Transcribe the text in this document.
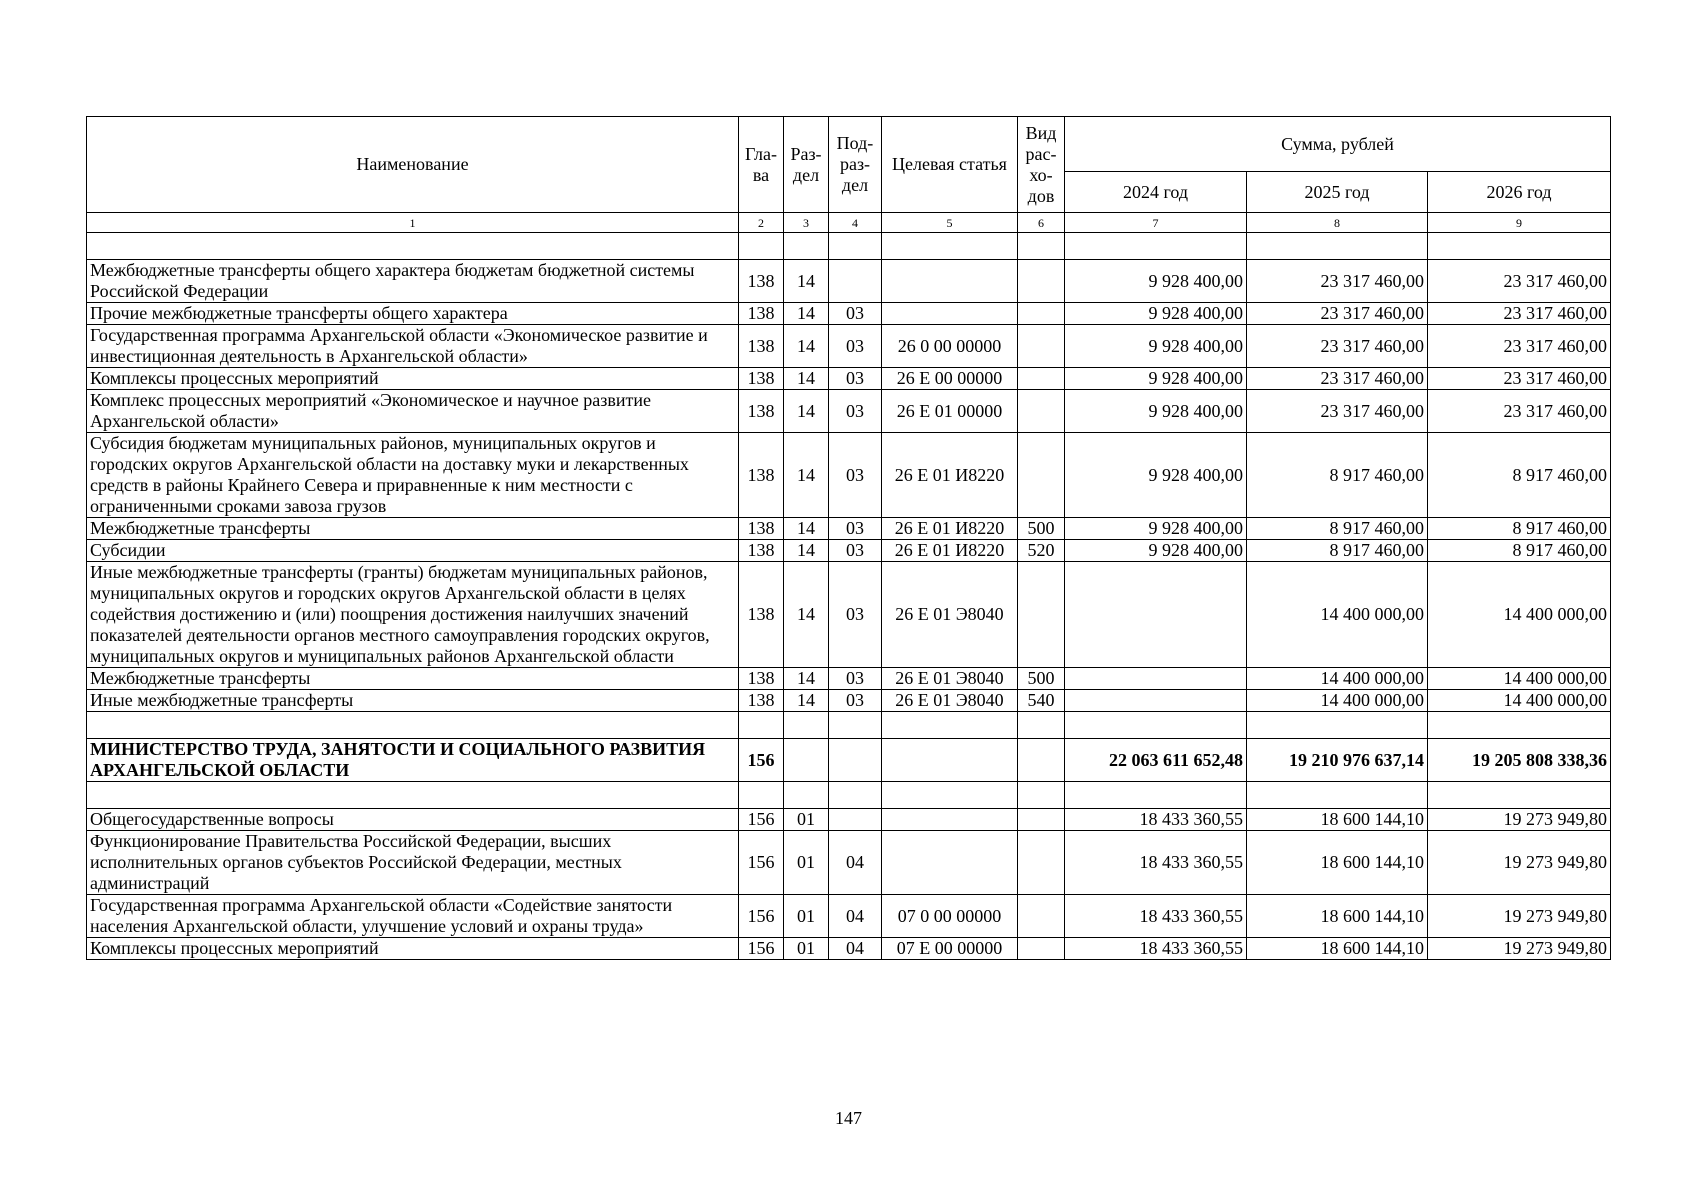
Наименование	Гла-ва	Раз-дел	Под-раз-дел	Целевая статья	Вид рас-хо-дов	Сумма, рублей		
						2024 год	2025 год	2026 год
1	2	3	4	5	6	7	8	9

Межбюджетные трансферты общего характера бюджетам бюджетной системы Российской Федерации	138	14				9 928 400,00	23 317 460,00	23 317 460,00
Прочие межбюджетные трансферты общего характера	138	14	03			9 928 400,00	23 317 460,00	23 317 460,00
Государственная программа Архангельской области «Экономическое развитие и инвестиционная деятельность в Архангельской области»	138	14	03	26 0 00 00000		9 928 400,00	23 317 460,00	23 317 460,00
Комплексы процессных мероприятий	138	14	03	26 Е 00 00000		9 928 400,00	23 317 460,00	23 317 460,00
Комплекс процессных мероприятий «Экономическое и научное развитие Архангельской области»	138	14	03	26 Е 01 00000		9 928 400,00	23 317 460,00	23 317 460,00
Субсидия бюджетам муниципальных районов, муниципальных округов и городских округов Архангельской области на доставку муки и лекарственных средств в районы Крайнего Севера и приравненные к ним местности с ограниченными сроками завоза грузов	138	14	03	26 Е 01 И8220		9 928 400,00	8 917 460,00	8 917 460,00
Межбюджетные трансферты	138	14	03	26 Е 01 И8220	500	9 928 400,00	8 917 460,00	8 917 460,00
Субсидии	138	14	03	26 Е 01 И8220	520	9 928 400,00	8 917 460,00	8 917 460,00
Иные межбюджетные трансферты (гранты) бюджетам муниципальных районов, муниципальных округов и городских округов Архангельской области в целях содействия достижению и (или) поощрения достижения наилучших значений показателей деятельности органов местного самоуправления городских округов, муниципальных округов и муниципальных районов Архангельской области	138	14	03	26 Е 01 Э8040			14 400 000,00	14 400 000,00
Межбюджетные трансферты	138	14	03	26 Е 01 Э8040	500		14 400 000,00	14 400 000,00
Иные межбюджетные трансферты	138	14	03	26 Е 01 Э8040	540		14 400 000,00	14 400 000,00

МИНИСТЕРСТВО ТРУДА, ЗАНЯТОСТИ И СОЦИАЛЬНОГО РАЗВИТИЯ АРХАНГЕЛЬСКОЙ ОБЛАСТИ	156					22 063 611 652,48	19 210 976 637,14	19 205 808 338,36

Общегосударственные вопросы	156	01				18 433 360,55	18 600 144,10	19 273 949,80
Функционирование Правительства Российской Федерации, высших исполнительных органов субъектов Российской Федерации, местных администраций	156	01	04			18 433 360,55	18 600 144,10	19 273 949,80
Государственная программа Архангельской области «Содействие занятости населения Архангельской области, улучшение условий и охраны труда»	156	01	04	07 0 00 00000		18 433 360,55	18 600 144,10	19 273 949,80
Комплексы процессных мероприятий	156	01	04	07 Е 00 00000		18 433 360,55	18 600 144,10	19 273 949,80
147
